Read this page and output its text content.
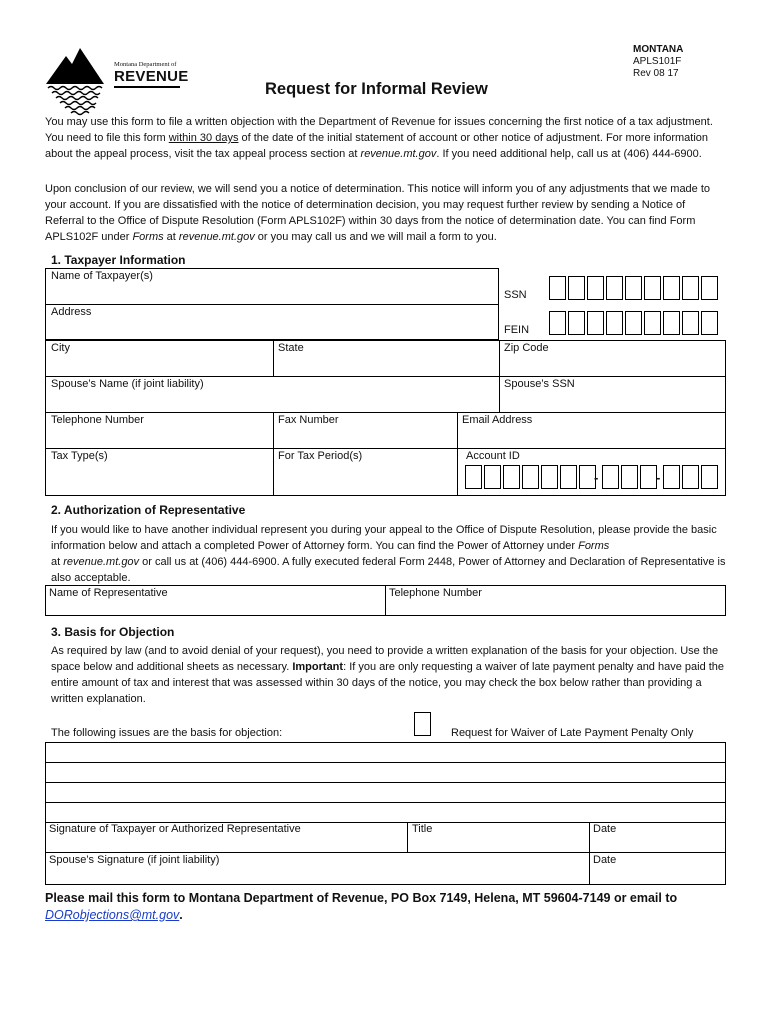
Montana Department of
REVENUE
MONTANA
APLS101F
Rev 08 17
Request for Informal Review

You may use this form to file a written objection with the Department of Revenue for issues concerning the first notice of a tax adjustment. You need to file this form within 30 days of the date of the initial statement of account or other notice of adjustment. For more information about the appeal process, visit the tax appeal process section at revenue.mt.gov. If you need additional help, call us at (406) 444-6900.

Upon conclusion of our review, we will send you a notice of determination. This notice will inform you of any adjustments that we made to your account. If you are dissatisfied with the notice of determination decision, you may request further review by sending a Notice of Referral to the Office of Dispute Resolution (Form APLS102F) within 30 days from the notice of determination date. You can find Form APLS102F under Forms at revenue.mt.gov or you may call us and we will mail a form to you.

1. Taxpayer Information
Name of Taxpayer(s)
Address
SSN
FEIN
City	State	Zip Code
Spouse’s Name (if joint liability)	Spouse’s SSN
Telephone Number	Fax Number	Email Address
Tax Type(s)	For Tax Period(s)	Account ID
-	-
2. Authorization of Representative

If you would like to have another individual represent you during your appeal to the Office of Dispute Resolution, please provide the basic information below and attach a completed Power of Attorney form. You can find the Power of Attorney under Forms
at revenue.mt.gov or call us at (406) 444-6900. A fully executed federal Form 2448, Power of Attorney and Declaration of Representative is also acceptable.

Name of Representative	Telephone Number
3. Basis for Objection

As required by law (and to avoid denial of your request), you need to provide a written explanation of the basis for your objection. Use the space below and additional sheets as necessary. Important: If you are only requesting a waiver of late payment penalty and have paid the entire amount of tax and interest that was assessed within 30 days of the notice, you may check the box below rather than providing a written explanation.

The following issues are the basis for objection:	Request for Waiver of Late Payment Penalty Only
Signature of Taxpayer or Authorized Representative	Title	Date
Spouse’s Signature (if joint liability)	Date
Please mail this form to Montana Department of Revenue, PO Box 7149, Helena, MT 59604-7149 or email to
DORobjections@mt.gov.
